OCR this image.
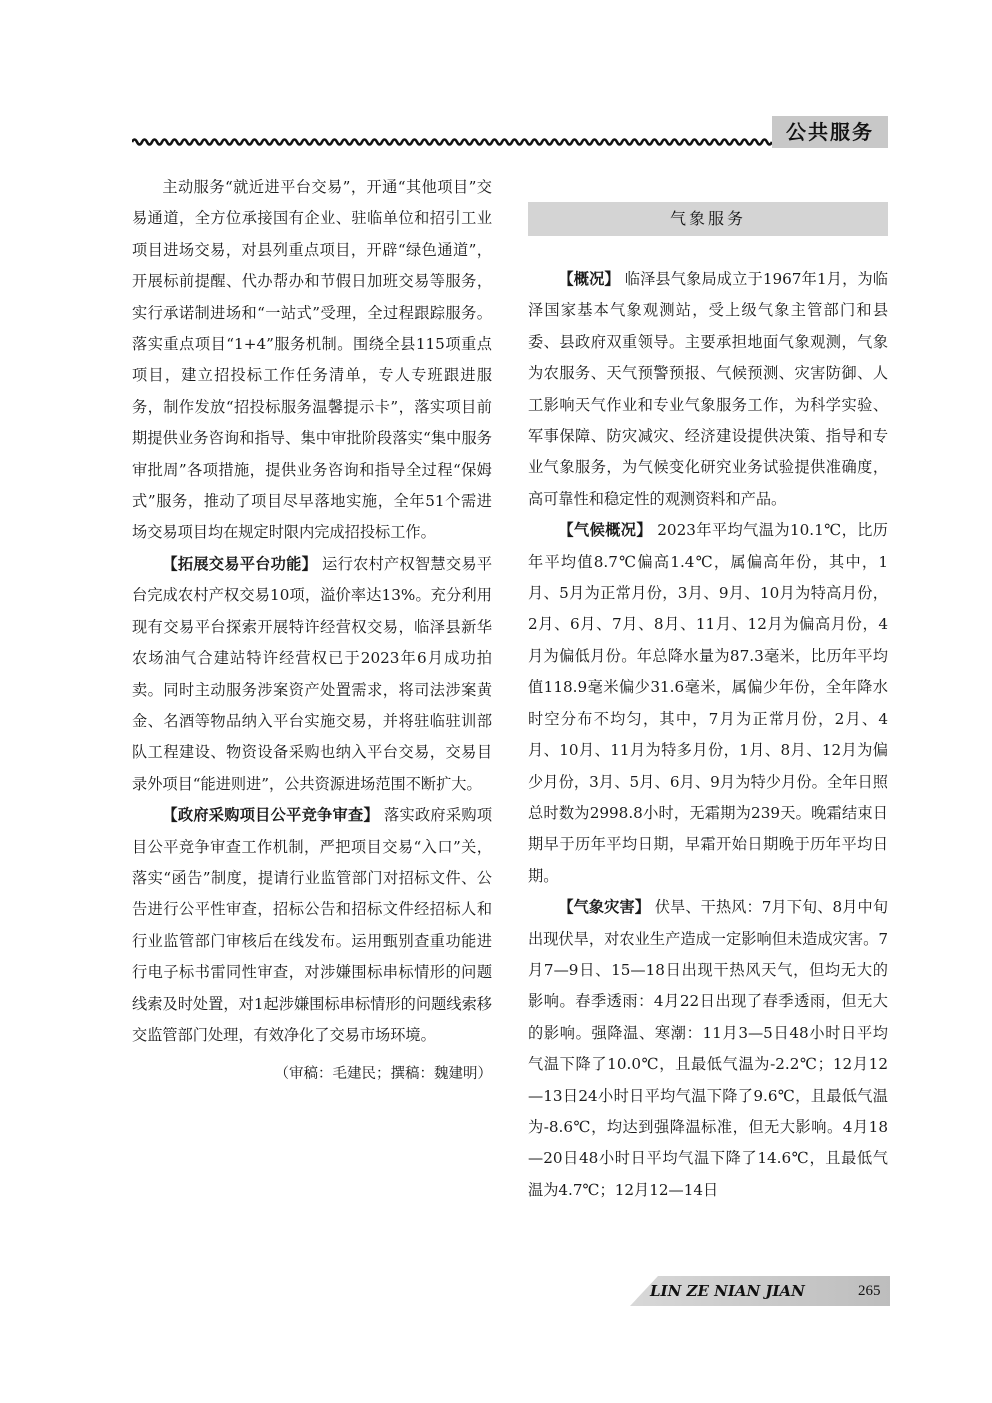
公共服务

主动服务“就近进平台交易”，开通“其他项目”交易通道，全方位承接国有企业、驻临单位和招引工业项目进场交易，对县列重点项目，开辟“绿色通道”，开展标前提醒、代办帮办和节假日加班交易等服务，实行承诺制进场和“一站式”受理，全过程跟踪服务。落实重点项目“1+4”服务机制。围绕全县115项重点项目，建立招投标工作任务清单，专人专班跟进服务，制作发放“招投标服务温馨提示卡”，落实项目前期提供业务咨询和指导、集中审批阶段落实“集中服务审批周”各项措施，提供业务咨询和指导全过程“保姆式”服务，推动了项目尽早落地实施，全年51个需进场交易项目均在规定时限内完成招投标工作。

【拓展交易平台功能】 运行农村产权智慧交易平台完成农村产权交易10项，溢价率达13%。充分利用现有交易平台探索开展特许经营权交易，临泽县新华农场油气合建站特许经营权已于2023年6月成功拍卖。同时主动服务涉案资产处置需求，将司法涉案黄金、名酒等物品纳入平台实施交易，并将驻临驻训部队工程建设、物资设备采购也纳入平台交易，交易目录外项目“能进则进”，公共资源进场范围不断扩大。

【政府采购项目公平竞争审查】 落实政府采购项目公平竞争审查工作机制，严把项目交易“入口”关，落实“函告”制度，提请行业监管部门对招标文件、公告进行公平性审查，招标公告和招标文件经招标人和行业监管部门审核后在线发布。运用甄别查重功能进行电子标书雷同性审查，对涉嫌围标串标情形的问题线索及时处置，对1起涉嫌围标串标情形的问题线索移交监管部门处理，有效净化了交易市场环境。

（审稿：毛建民；撰稿：魏建明）

气象服务

【概况】 临泽县气象局成立于1967年1月，为临泽国家基本气象观测站，受上级气象主管部门和县委、县政府双重领导。主要承担地面气象观测，气象为农服务、天气预警预报、气候预测、灾害防御、人工影响天气作业和专业气象服务工作，为科学实验、军事保障、防灾减灾、经济建设提供决策、指导和专业气象服务，为气候变化研究业务试验提供准确度，高可靠性和稳定性的观测资料和产品。

【气候概况】 2023年平均气温为10.1℃，比历年平均值8.7℃偏高1.4℃，属偏高年份，其中，1月、5月为正常月份，3月、9月、10月为特高月份，2月、6月、7月、8月、11月、12月为偏高月份，4月为偏低月份。年总降水量为87.3毫米，比历年平均值118.9毫米偏少31.6毫米，属偏少年份，全年降水时空分布不均匀，其中，7月为正常月份，2月、4月、10月、11月为特多月份，1月、8月、12月为偏少月份，3月、5月、6月、9月为特少月份。全年日照总时数为2998.8小时，无霜期为239天。晚霜结束日期早于历年平均日期，早霜开始日期晚于历年平均日期。

【气象灾害】 伏旱、干热风：7月下旬、8月中旬出现伏旱，对农业生产造成一定影响但未造成灾害。7月7—9日、15—18日出现干热风天气，但均无大的影响。春季透雨：4月22日出现了春季透雨，但无大的影响。强降温、寒潮：11月3—5日48小时日平均气温下降了10.0℃，且最低气温为-2.2℃；12月12—13日24小时日平均气温下降了9.6℃，且最低气温为-8.6℃，均达到强降温标准，但无大影响。4月18—20日48小时日平均气温下降了14.6℃，且最低气温为4.7℃；12月12—14日

LIN ZE NIAN JIAN	265
